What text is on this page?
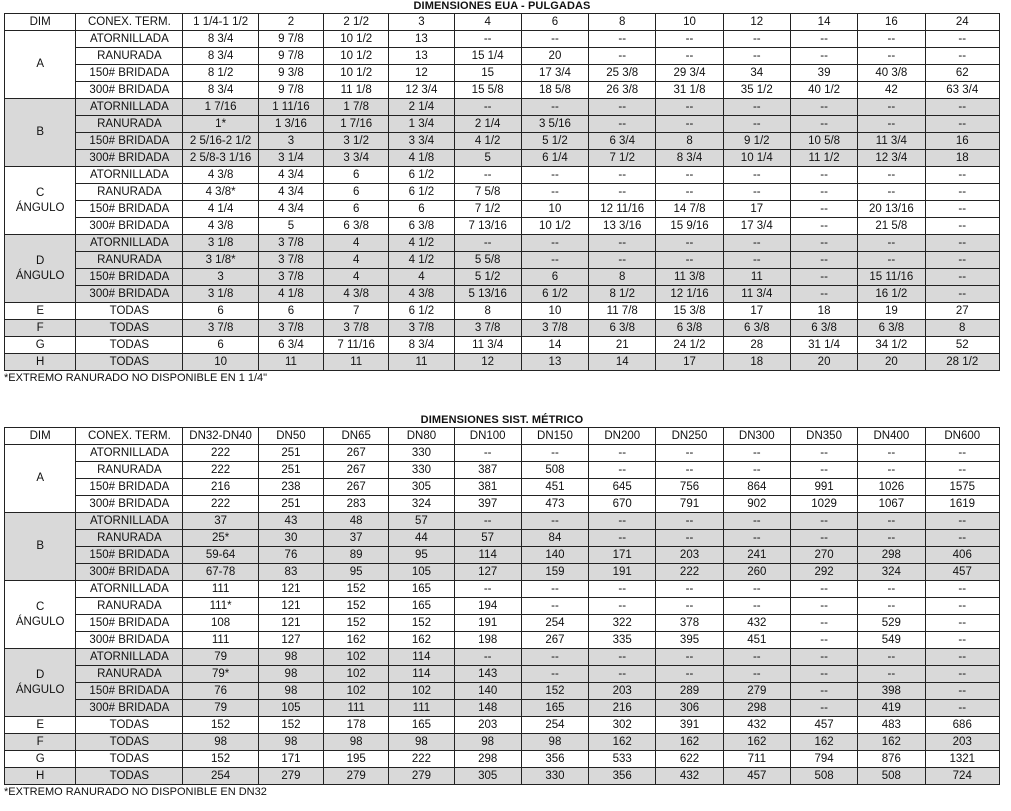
DIMENSIONES EUA - PULGADAS
DIM	CONEX. TERM.	1 1/4-1 1/2	2	2 1/2	3	4	6	8	10	12	14	16	24

A	ATORNILLADA	8 3/4	9 7/8	10 1/2	13	--	--	--	--	--	--	--	--
	RANURADA	8 3/4	9 7/8	10 1/2	13	15 1/4	20	--	--	--	--	--	--
	150# BRIDADA	8 1/2	9 3/8	10 1/2	12	15	17 3/4	25 3/8	29 3/4	34	39	40 3/8	62
	300# BRIDADA	8 3/4	9 7/8	11 1/8	12 3/4	15 5/8	18 5/8	26 3/8	31 1/8	35 1/2	40 1/2	42	63 3/4

B	ATORNILLADA	1 7/16	1 11/16	1 7/8	2 1/4	--	--	--	--	--	--	--	--
	RANURADA	1*	1 3/16	1 7/16	1 3/4	2 1/4	3 5/16	--	--	--	--	--	--
	150# BRIDADA	2 5/16-2 1/2	3	3 1/2	3 3/4	4 1/2	5 1/2	6 3/4	8	9 1/2	10 5/8	11 3/4	16
	300# BRIDADA	2 5/8-3 1/16	3 1/4	3 3/4	4 1/8	5	6 1/4	7 1/2	8 3/4	10 1/4	11 1/2	12 3/4	18

C
ÁNGULO	ATORNILLADA	4 3/8	4 3/4	6	6 1/2	--	--	--	--	--	--	--	--
	RANURADA	4 3/8*	4 3/4	6	6 1/2	7 5/8	--	--	--	--	--	--	--
	150# BRIDADA	4 1/4	4 3/4	6	6	7 1/2	10	12 11/16	14 7/8	17	--	20 13/16	--
	300# BRIDADA	4 3/8	5	6 3/8	6 3/8	7 13/16	10 1/2	13 3/16	15 9/16	17 3/4	--	21 5/8	--

D
ÁNGULO	ATORNILLADA	3 1/8	3 7/8	4	4 1/2	--	--	--	--	--	--	--	--
	RANURADA	3 1/8*	3 7/8	4	4 1/2	5 5/8	--	--	--	--	--	--	--
	150# BRIDADA	3	3 7/8	4	4	5 1/2	6	8	11 3/8	11	--	15 11/16	--
	300# BRIDADA	3 1/8	4 1/8	4 3/8	4 3/8	5 13/16	6 1/2	8 1/2	12 1/16	11 3/4	--	16 1/2	--
E	TODAS	6	6	7	6 1/2	8	10	11 7/8	15 3/8	17	18	19	27
F	TODAS	3 7/8	3 7/8	3 7/8	3 7/8	3 7/8	3 7/8	6 3/8	6 3/8	6 3/8	6 3/8	6 3/8	8
G	TODAS	6	6 3/4	7 11/16	8 3/4	11 3/4	14	21	24 1/2	28	31 1/4	34 1/2	52
H	TODAS	10	11	11	11	12	13	14	17	18	20	20	28 1/2
*EXTREMO RANURADO NO DISPONIBLE EN 1 1/4"
DIMENSIONES SIST. MÉTRICO
DIM	CONEX. TERM.	DN32-DN40	DN50	DN65	DN80	DN100	DN150	DN200	DN250	DN300	DN350	DN400	DN600

A	ATORNILLADA	222	251	267	330	--	--	--	--	--	--	--	--
	RANURADA	222	251	267	330	387	508	--	--	--	--	--	--
	150# BRIDADA	216	238	267	305	381	451	645	756	864	991	1026	1575
	300# BRIDADA	222	251	283	324	397	473	670	791	902	1029	1067	1619

B	ATORNILLADA	37	43	48	57	--	--	--	--	--	--	--	--
	RANURADA	25*	30	37	44	57	84	--	--	--	--	--	--
	150# BRIDADA	59-64	76	89	95	114	140	171	203	241	270	298	406
	300# BRIDADA	67-78	83	95	105	127	159	191	222	260	292	324	457

C
ÁNGULO	ATORNILLADA	111	121	152	165	--	--	--	--	--	--	--	--
	RANURADA	111*	121	152	165	194	--	--	--	--	--	--	--
	150# BRIDADA	108	121	152	152	191	254	322	378	432	--	529	--
	300# BRIDADA	111	127	162	162	198	267	335	395	451	--	549	--

D
ÁNGULO	ATORNILLADA	79	98	102	114	--	--	--	--	--	--	--	--
	RANURADA	79*	98	102	114	143	--	--	--	--	--	--	--
	150# BRIDADA	76	98	102	102	140	152	203	289	279	--	398	--
	300# BRIDADA	79	105	111	111	148	165	216	306	298	--	419	--
E	TODAS	152	152	178	165	203	254	302	391	432	457	483	686
F	TODAS	98	98	98	98	98	98	162	162	162	162	162	203
G	TODAS	152	171	195	222	298	356	533	622	711	794	876	1321
H	TODAS	254	279	279	279	305	330	356	432	457	508	508	724
*EXTREMO RANURADO NO DISPONIBLE EN DN32
